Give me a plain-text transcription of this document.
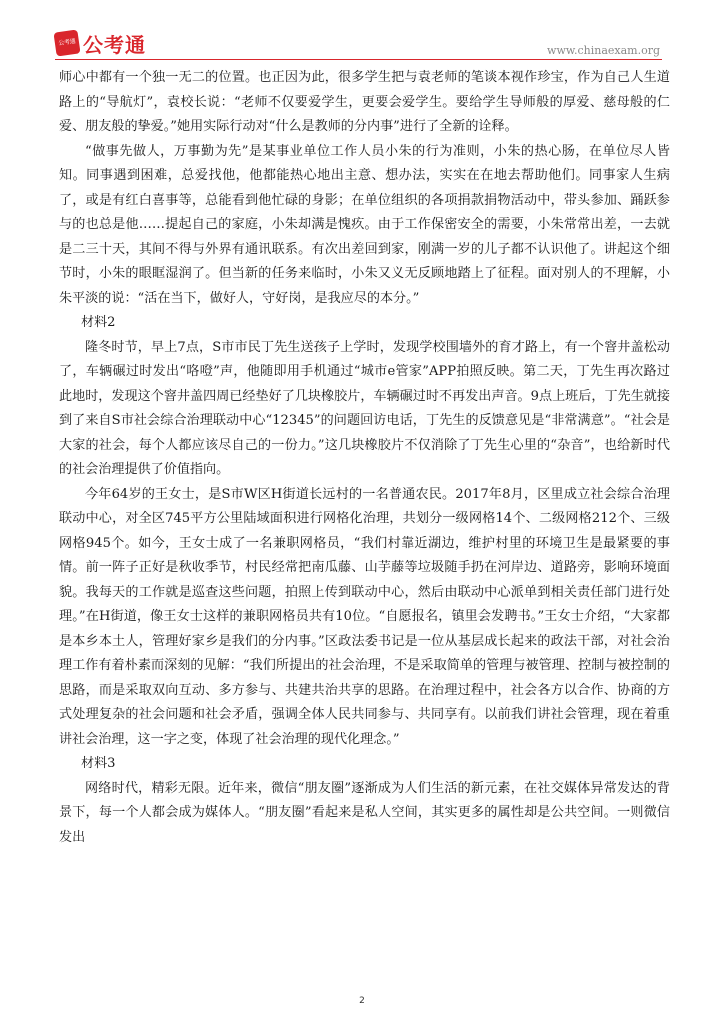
公考通 公考通	www.chinaexam.org

师心中都有一个独一无二的位置。也正因为此，很多学生把与袁老师的笔谈本视作珍宝，作为自己人生道路上的“导航灯”，袁校长说：“老师不仅要爱学生，更要会爱学生。要给学生导师般的厚爱、慈母般的仁爱、朋友般的挚爱。”她用实际行动对“什么是教师的分内事”进行了全新的诠释。

“做事先做人，万事勤为先”是某事业单位工作人员小朱的行为准则，小朱的热心肠，在单位尽人皆知。同事遇到困难，总爱找他，他都能热心地出主意、想办法，实实在在地去帮助他们。同事家人生病了，或是有红白喜事等，总能看到他忙碌的身影；在单位组织的各项捐款捐物活动中，带头参加、踊跃参与的也总是他……提起自己的家庭，小朱却满是愧疚。由于工作保密安全的需要，小朱常常出差，一去就是二三十天，其间不得与外界有通讯联系。有次出差回到家，刚满一岁的儿子都不认识他了。讲起这个细节时，小朱的眼眶湿润了。但当新的任务来临时，小朱又义无反顾地踏上了征程。面对别人的不理解，小朱平淡的说：“活在当下，做好人，守好岗，是我应尽的本分。”

材料2

隆冬时节，早上7点，S市市民丁先生送孩子上学时，发现学校围墙外的育才路上，有一个窨井盖松动了，车辆碾过时发出“咯噔”声，他随即用手机通过“城市e管家”APP拍照反映。第二天，丁先生再次路过此地时，发现这个窨井盖四周已经垫好了几块橡胶片，车辆碾过时不再发出声音。9点上班后，丁先生就接到了来自S市社会综合治理联动中心“12345”的问题回访电话，丁先生的反馈意见是“非常满意”。“社会是大家的社会，每个人都应该尽自己的一份力。”这几块橡胶片不仅消除了丁先生心里的“杂音”，也给新时代的社会治理提供了价值指向。

今年64岁的王女士，是S市W区H街道长远村的一名普通农民。2017年8月，区里成立社会综合治理联动中心，对全区745平方公里陆域面积进行网格化治理，共划分一级网格14个、二级网格212个、三级网格945个。如今，王女士成了一名兼职网格员，“我们村靠近湖边，维护村里的环境卫生是最紧要的事情。前一阵子正好是秋收季节，村民经常把南瓜藤、山芋藤等垃圾随手扔在河岸边、道路旁，影响环境面貌。我每天的工作就是巡查这些问题，拍照上传到联动中心，然后由联动中心派单到相关责任部门进行处理。”在H街道，像王女士这样的兼职网格员共有10位。“自愿报名，镇里会发聘书。”王女士介绍，“大家都是本乡本土人，管理好家乡是我们的分内事。”区政法委书记是一位从基层成长起来的政法干部，对社会治理工作有着朴素而深刻的见解：“我们所提出的社会治理，不是采取简单的管理与被管理、控制与被控制的思路，而是采取双向互动、多方参与、共建共治共享的思路。在治理过程中，社会各方以合作、协商的方式处理复杂的社会问题和社会矛盾，强调全体人民共同参与、共同享有。以前我们讲社会管理，现在着重讲社会治理，这一字之变，体现了社会治理的现代化理念。”

材料3

网络时代，精彩无限。近年来，微信“朋友圈”逐渐成为人们生活的新元素，在社交媒体异常发达的背景下，每一个人都会成为媒体人。“朋友圈”看起来是私人空间，其实更多的属性却是公共空间。一则微信发出

2
